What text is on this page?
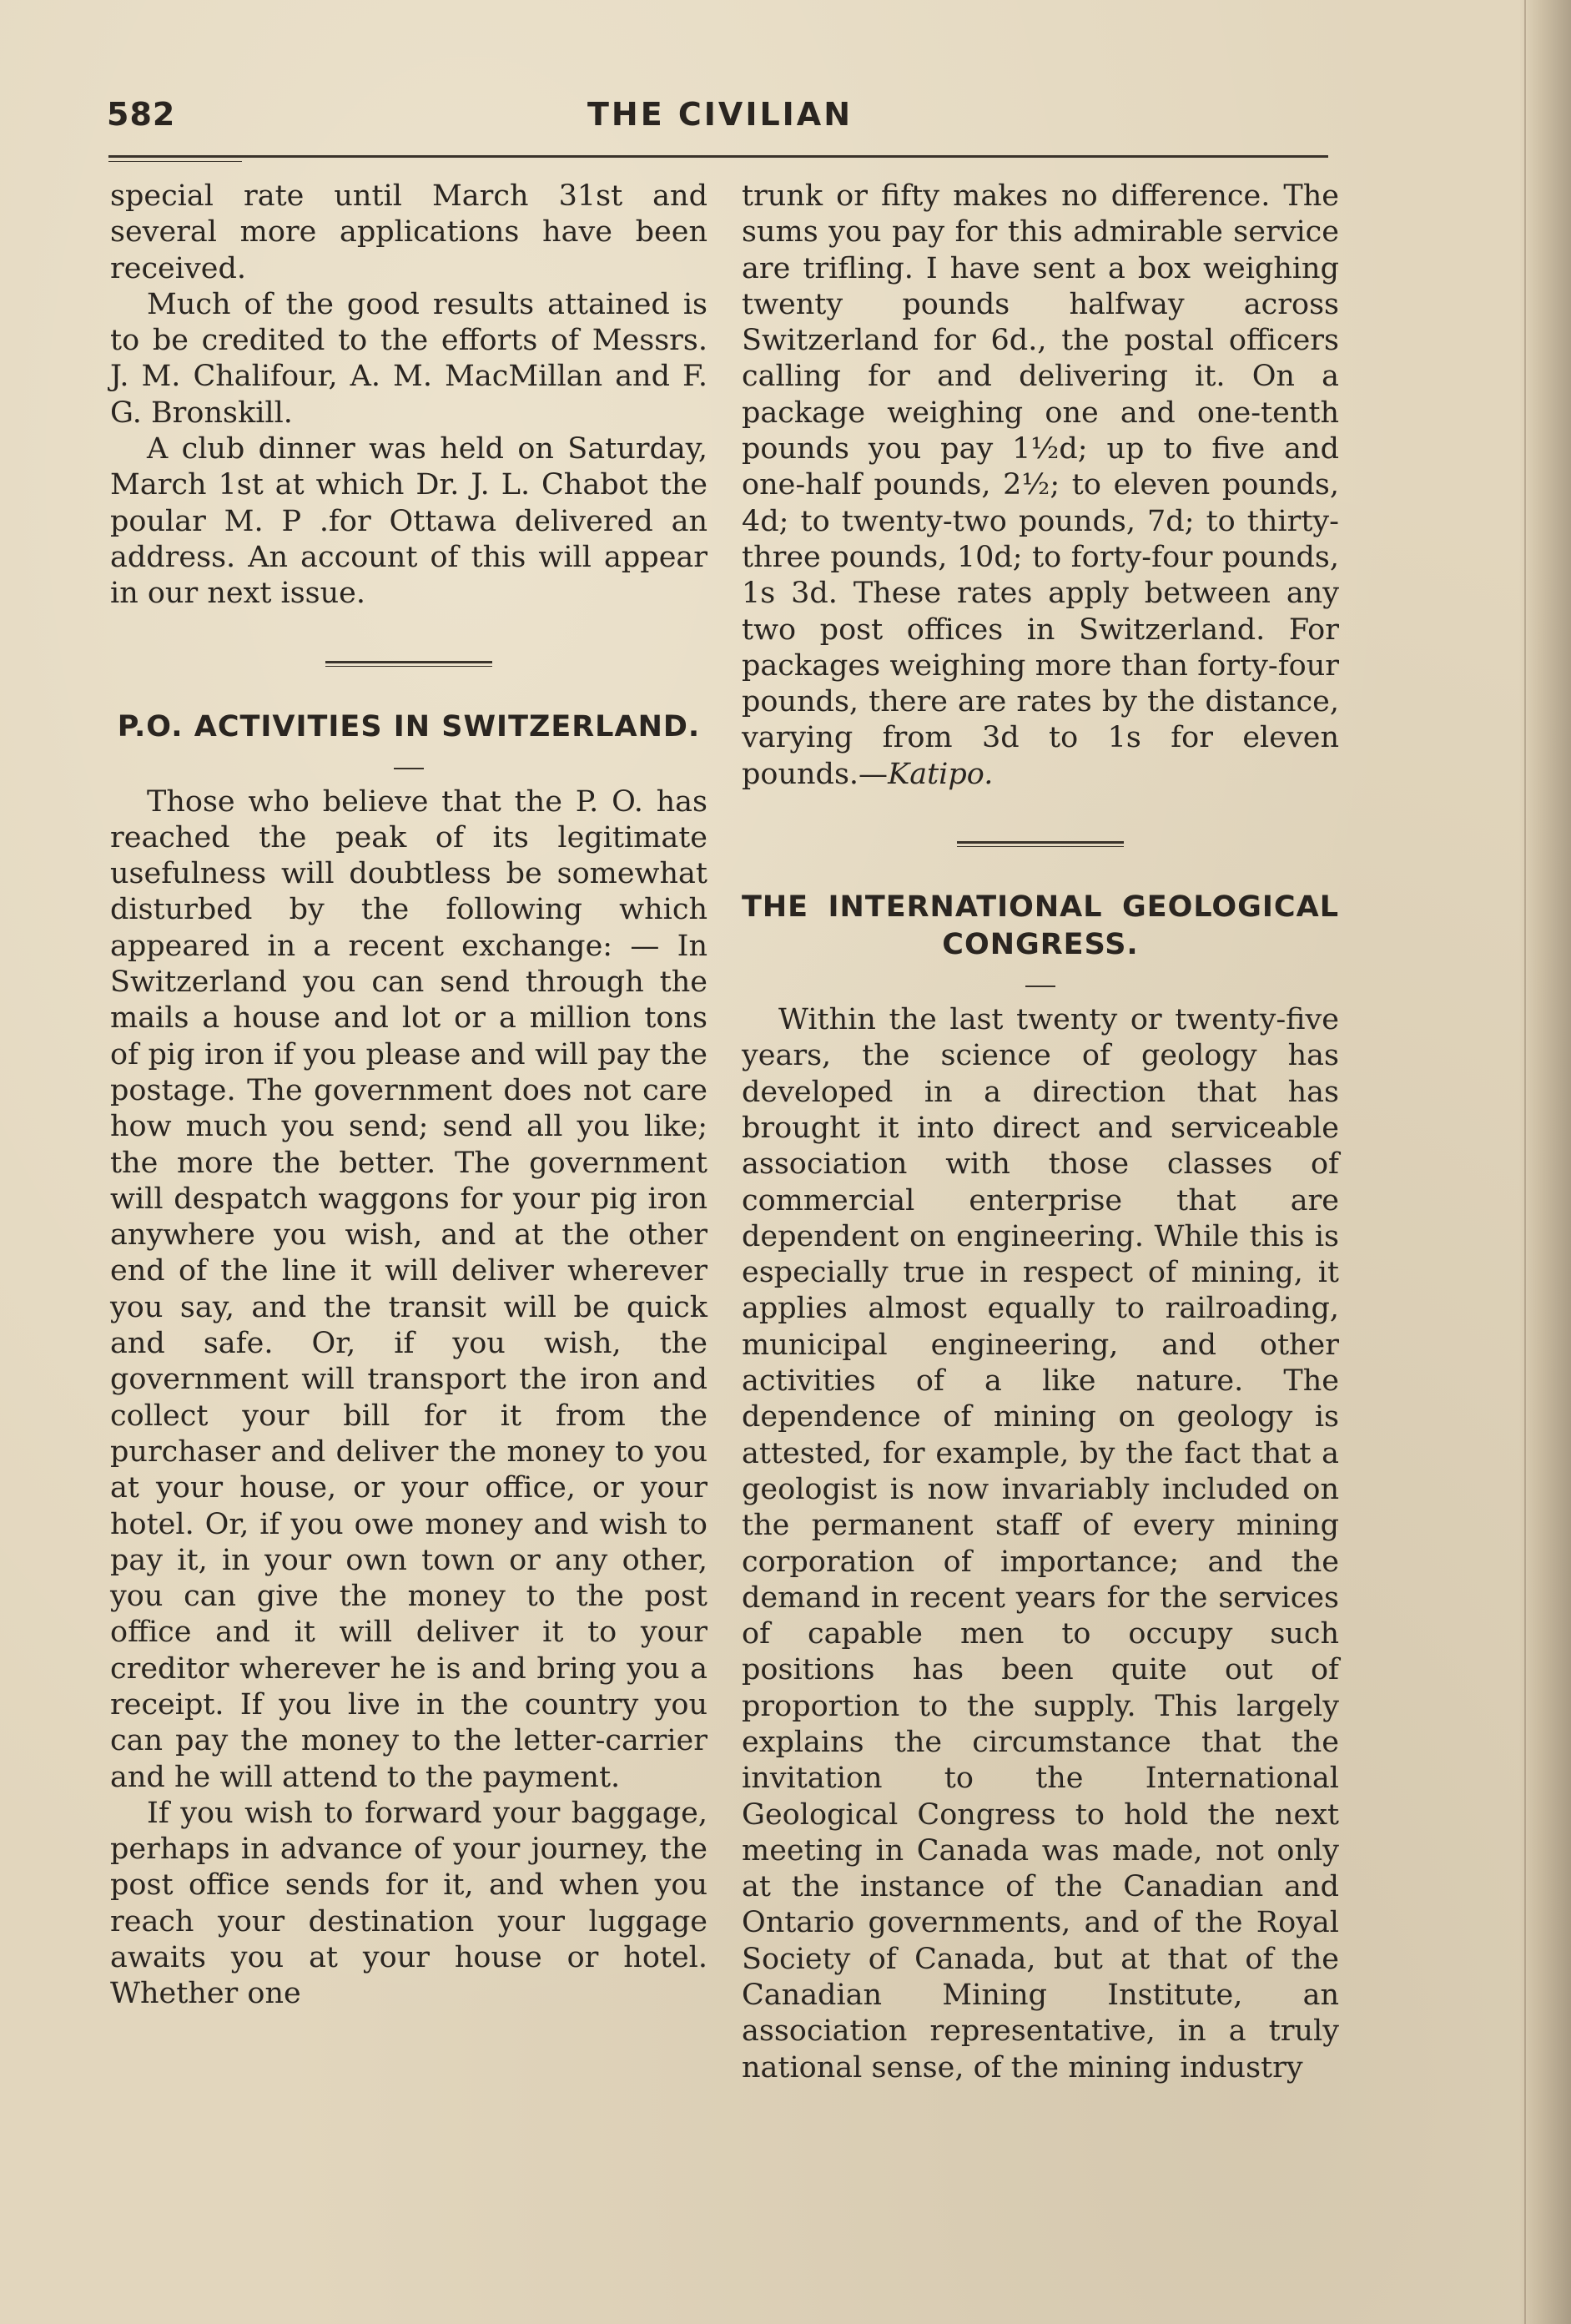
582	THE CIVILIAN

special rate until March 31st and several more applications have been received.

Much of the good results attained is to be credited to the efforts of Messrs. J. M. Chalifour, A. M. MacMillan and F. G. Bronskill.

A club dinner was held on Saturday, March 1st at which Dr. J. L. Chabot the poular M. P .for Ottawa delivered an address. An account of this will appear in our next issue.

P.O. ACTIVITIES IN SWITZERLAND.

Those who believe that the P. O. has reached the peak of its legitimate usefulness will doubtless be somewhat disturbed by the following which appeared in a recent exchange: — In Switzerland you can send through the mails a house and lot or a million tons of pig iron if you please and will pay the postage. The government does not care how much you send; send all you like; the more the better. The government will despatch waggons for your pig iron anywhere you wish, and at the other end of the line it will deliver wherever you say, and the transit will be quick and safe. Or, if you wish, the government will transport the iron and collect your bill for it from the purchaser and deliver the money to you at your house, or your office, or your hotel. Or, if you owe money and wish to pay it, in your own town or any other, you can give the money to the post office and it will deliver it to your creditor wherever he is and bring you a receipt. If you live in the country you can pay the money to the letter-carrier and he will attend to the payment.

If you wish to forward your baggage, perhaps in advance of your journey, the post office sends for it, and when you reach your destination your luggage awaits you at your house or hotel. Whether one

trunk or fifty makes no difference. The sums you pay for this admirable service are trifling. I have sent a box weighing twenty pounds halfway across Switzerland for 6d., the postal officers calling for and delivering it. On a package weighing one and one-tenth pounds you pay 1½d; up to five and one-half pounds, 2½; to eleven pounds, 4d; to twenty-two pounds, 7d; to thirty-three pounds, 10d; to forty-four pounds, 1s 3d. These rates apply between any two post offices in Switzerland. For packages weighing more than forty-four pounds, there are rates by the distance, varying from 3d to 1s for eleven pounds.—Katipo.

THE INTERNATIONAL GEOLOGICAL CONGRESS.

Within the last twenty or twenty-five years, the science of geology has developed in a direction that has brought it into direct and serviceable association with those classes of commercial enterprise that are dependent on engineering. While this is especially true in respect of mining, it applies almost equally to railroading, municipal engineering, and other activities of a like nature. The dependence of mining on geology is attested, for example, by the fact that a geologist is now invariably included on the permanent staff of every mining corporation of importance; and the demand in recent years for the services of capable men to occupy such positions has been quite out of proportion to the supply. This largely explains the circumstance that the invitation to the International Geological Congress to hold the next meeting in Canada was made, not only at the instance of the Canadian and Ontario governments, and of the Royal Society of Canada, but at that of the Canadian Mining Institute, an association representative, in a truly national sense, of the mining industry
